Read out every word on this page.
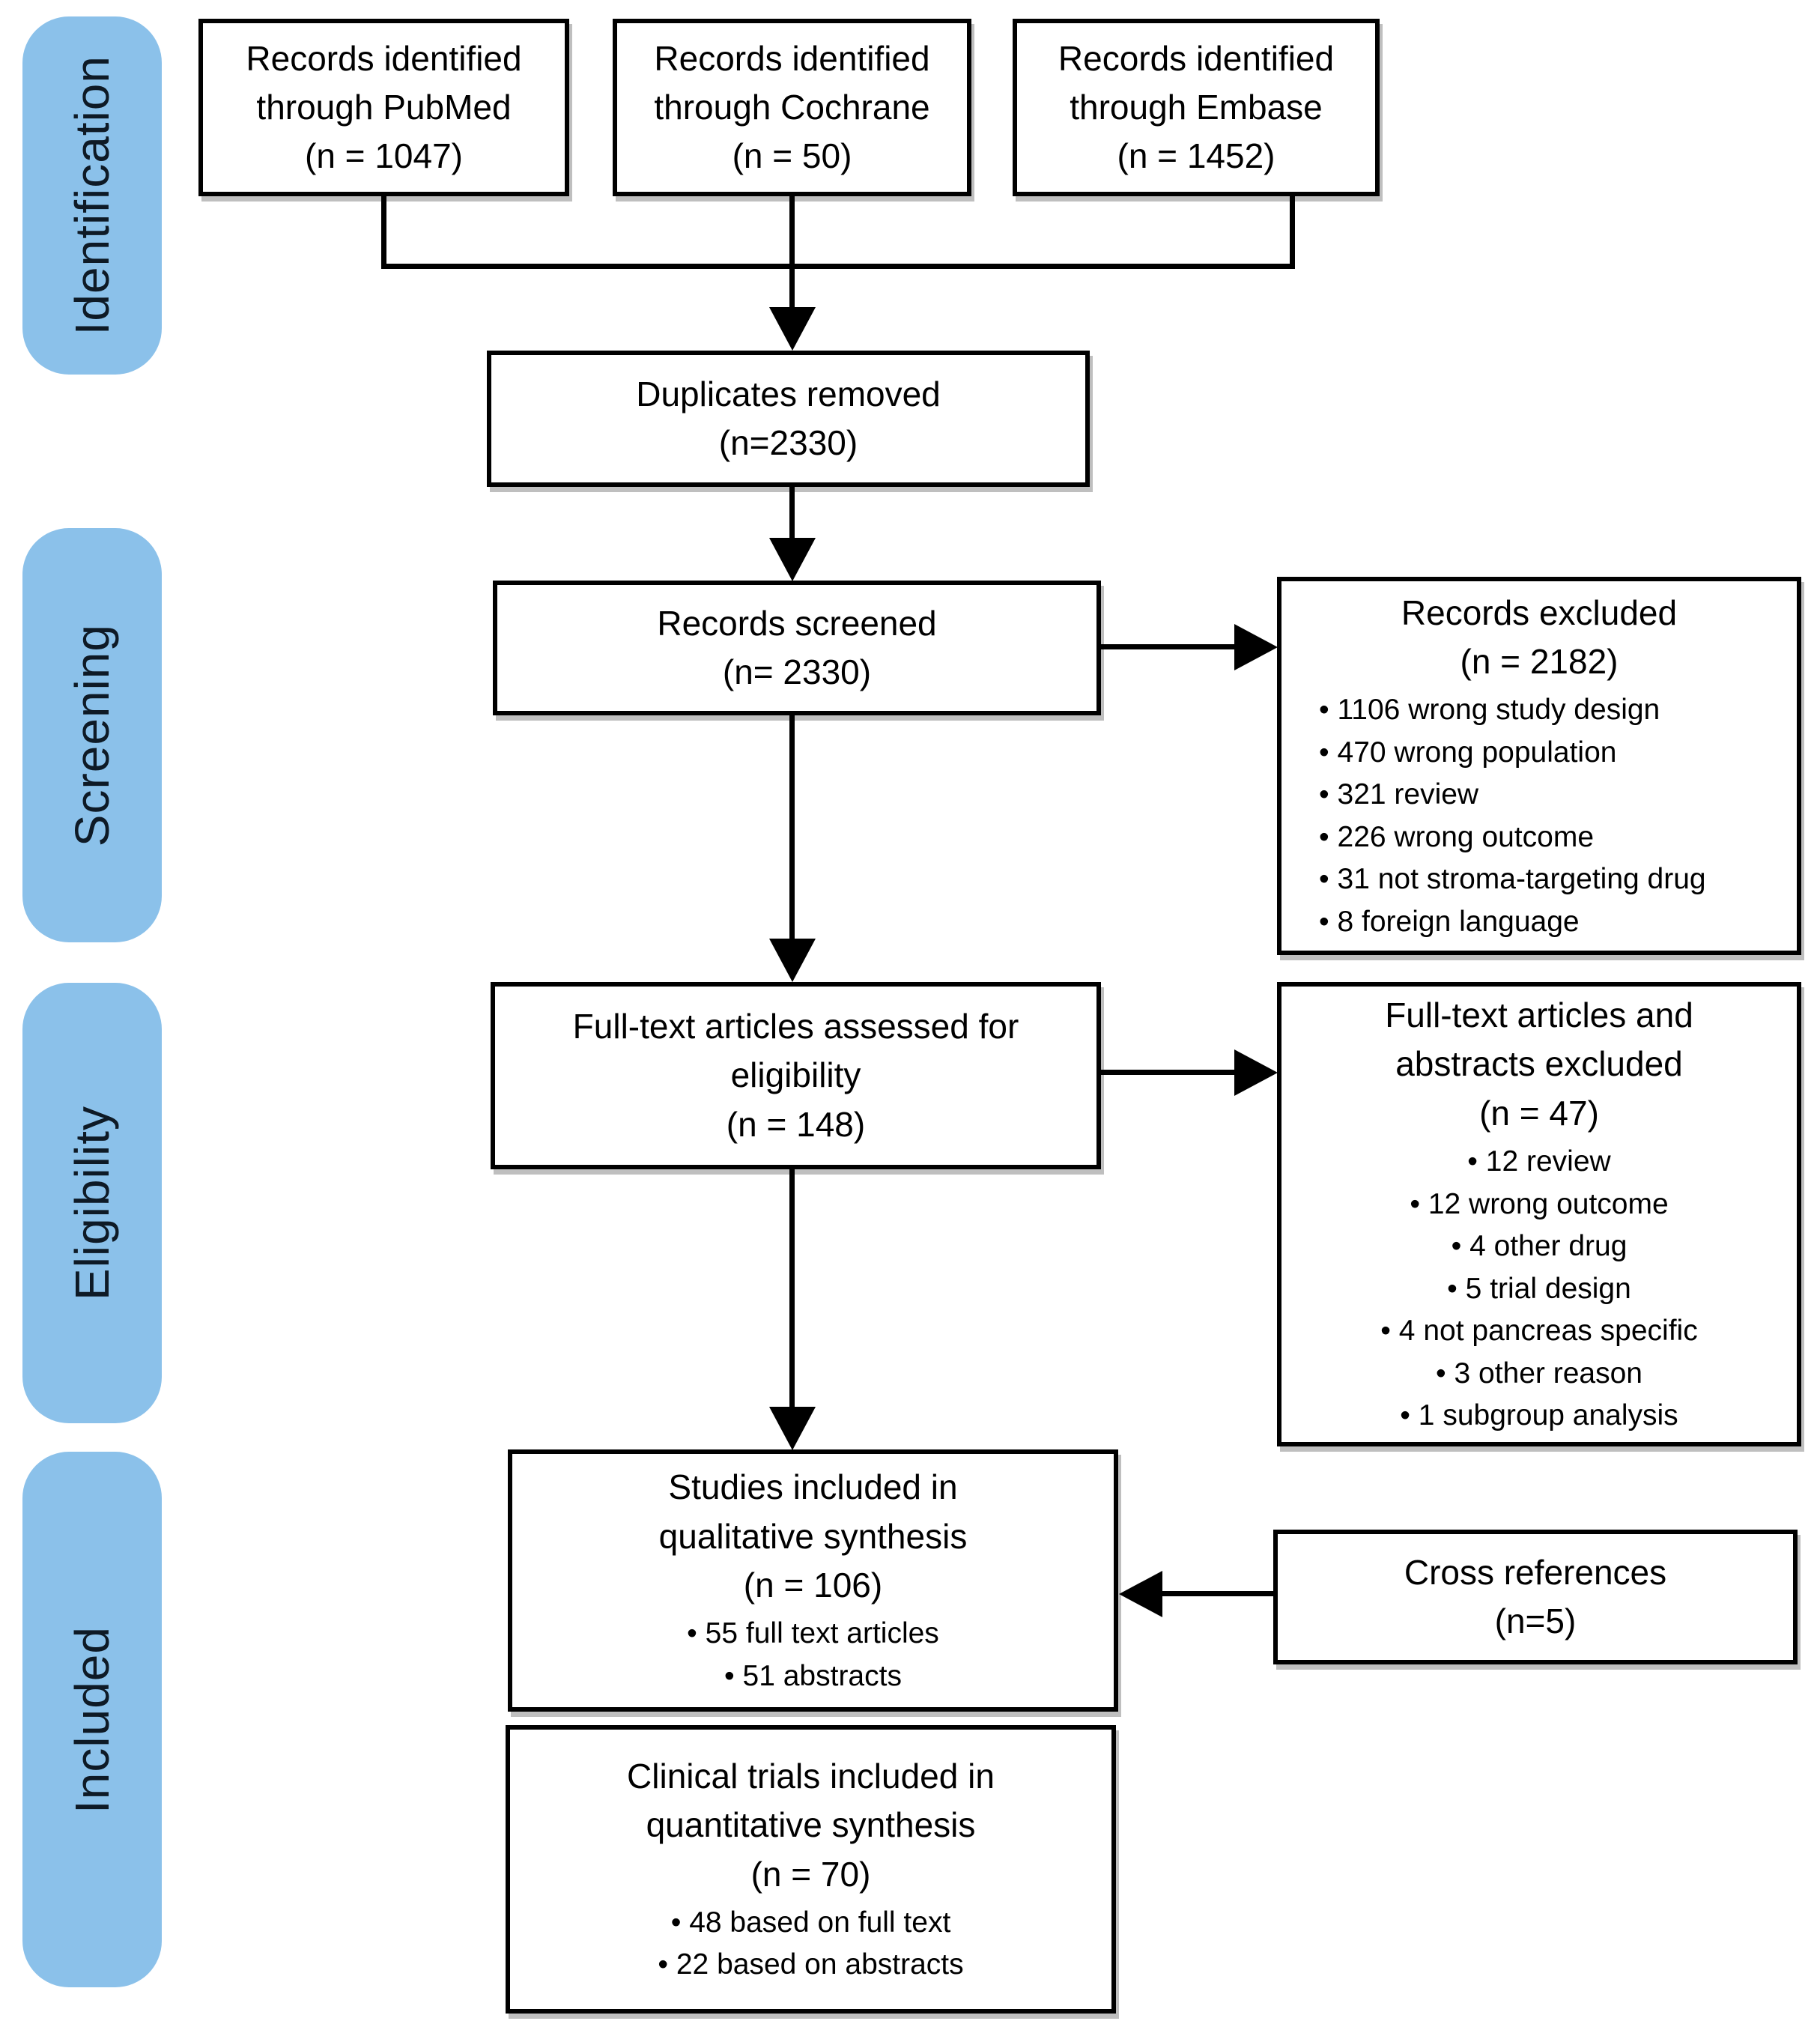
Identification
Screening
Eligibility
Included
Records identified
through PubMed
(n = 1047)
Records identified
through Cochrane
(n = 50)
Records identified
through Embase
(n = 1452)
Duplicates removed
(n=2330)
Records screened
(n= 2330)
Records excluded
(n = 2182)
• 1106 wrong study design
• 470 wrong population
• 321 review
• 226 wrong outcome
• 31 not stroma-targeting drug
• 8 foreign language
Full-text articles assessed for
eligibility
(n = 148)
Full-text articles and
abstracts excluded
(n = 47)
• 12 review
• 12 wrong outcome
• 4 other drug
• 5 trial design
• 4 not pancreas specific
• 3 other reason
• 1 subgroup analysis
Studies included in
qualitative synthesis
(n = 106)
• 55 full text articles
• 51 abstracts
Cross references
(n=5)
Clinical trials included in
quantitative synthesis
(n = 70)
• 48 based on full text
• 22 based on abstracts
